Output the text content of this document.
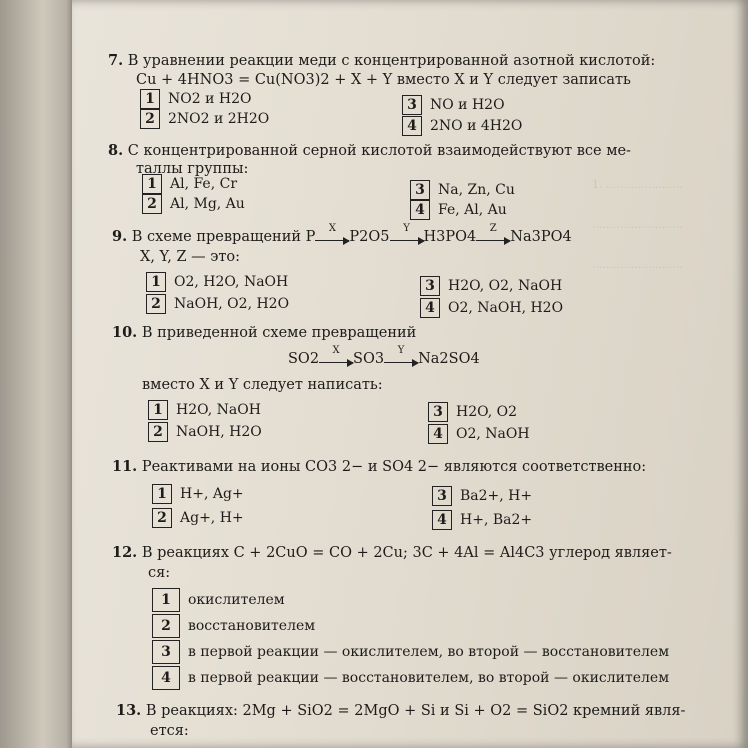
1. ......................
..........................
..........................
7. В уравнении реакции меди с концентрированной азотной кислотой:
Cu + 4HNO3 = Cu(NO3)2 + X + Y вместо X и Y следует записать
1 NO2 и H2O
2 2NO2 и 2H2O
3 NO и H2O
4 2NO и 4H2O
8. С концентрированной серной кислотой взаимодействуют все ме-
таллы группы:
1 Al, Fe, Cr
2 Al, Mg, Au
3 Na, Zn, Cu
4 Fe, Al, Au
9. В схеме превращений P
X
P2O5
Y
H3PO4
Z
Na3PO4
X, Y, Z — это:
1 O2, H2O, NaOH
2 NaOH, O2, H2O
3 H2O, O2, NaOH
4 O2, NaOH, H2O
10. В приведенной схеме превращений
SO2
X
SO3
Y
Na2SO4
вместо X и Y следует написать:
1 H2O, NaOH
2 NaOH, H2O
3 H2O, O2
4 O2, NaOH
11. Реактивами на ионы CO3 2− и SO4 2− являются соответственно:
1 H+, Ag+
2 Ag+, H+
3 Ba2+, H+
4 H+, Ba2+
12. В реакциях C + 2CuO = CO + 2Cu; 3C + 4Al = Al4C3 углерод являет-
ся:
1	окислителем
2	восстановителем
3	в первой реакции — окислителем, во второй — восстановителем
4	в первой реакции — восстановителем, во второй — окислителем
13. В реакциях: 2Mg + SiO2 = 2MgO + Si и Si + O2 = SiO2 кремний явля-
ется:
